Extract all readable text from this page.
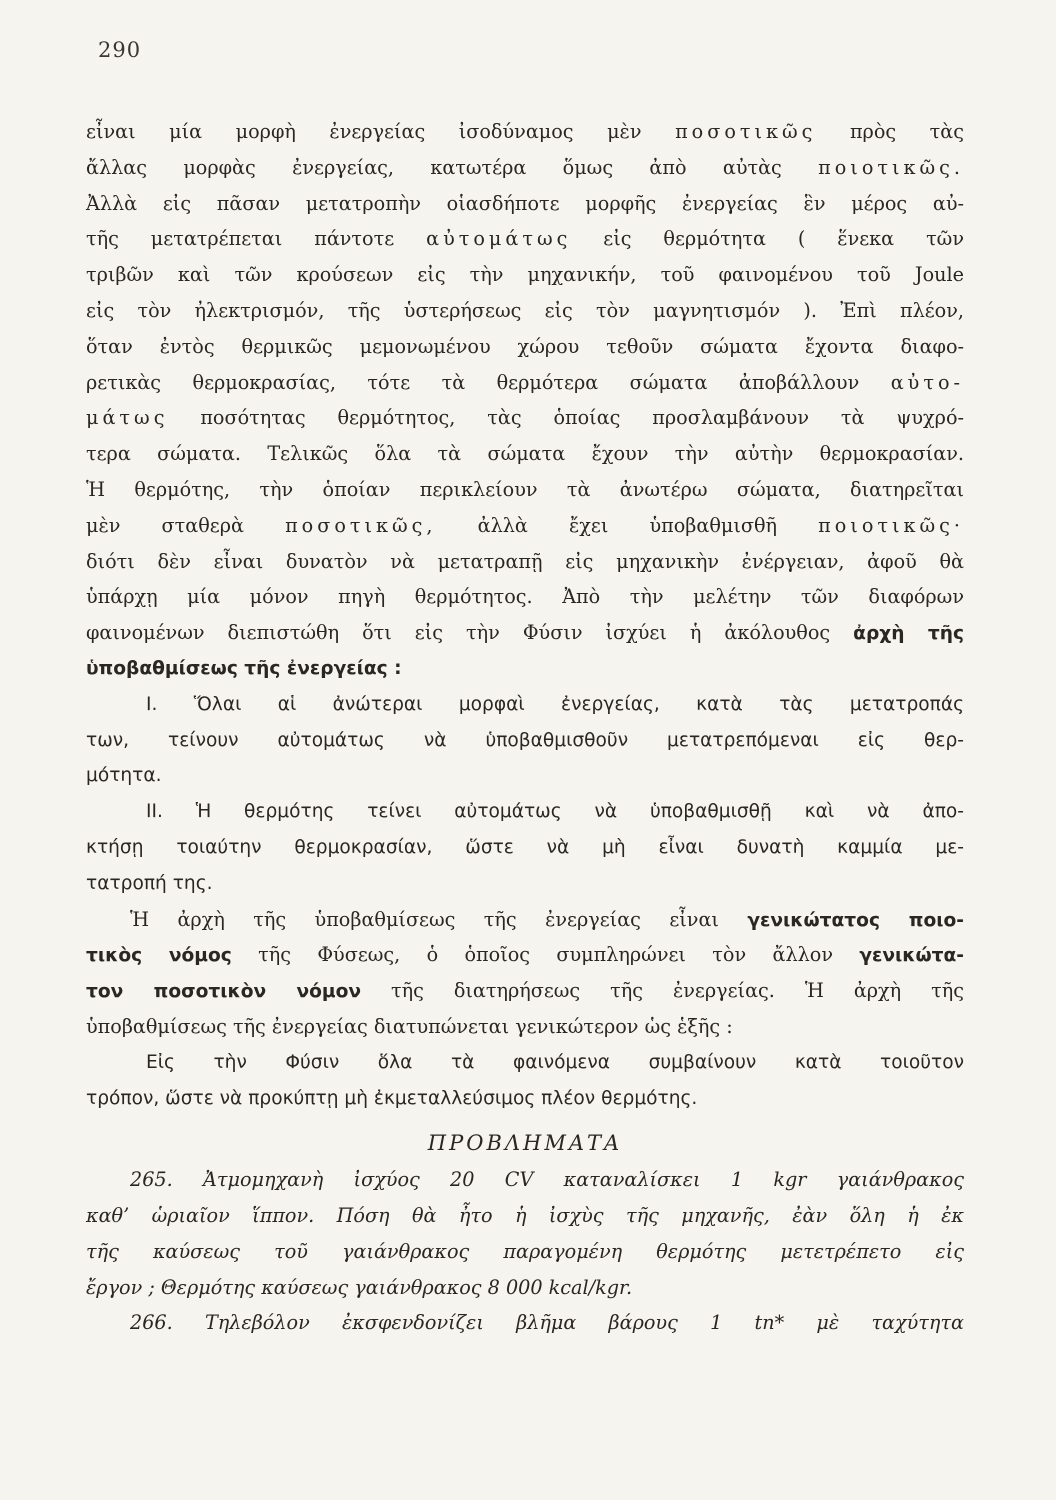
290
εἶναι μία μορφὴ ἐνεργείας ἰσοδύναμος μὲν ποσοτικῶς πρὸς τὰς
ἄλλας μορφὰς ἐνεργείας, κατωτέρα ὅμως ἀπὸ αὐτὰς ποιοτικῶς.
Ἀλλὰ εἰς πᾶσαν μετατροπὴν οἱασδήποτε μορφῆς ἐνεργείας ἓν μέρος αὐ-
τῆς μετατρέπεται πάντοτε αὐτομάτως εἰς θερμότητα ( ἕνεκα τῶν
τριβῶν καὶ τῶν κρούσεων εἰς τὴν μηχανικήν, τοῦ φαινομένου τοῦ Joule
εἰς τὸν ἠλεκτρισμόν, τῆς ὑστερήσεως εἰς τὸν μαγνητισμόν ). Ἐπὶ πλέον,
ὅταν ἐντὸς θερμικῶς μεμονωμένου χώρου τεθοῦν σώματα ἔχοντα διαφο-
ρετικὰς θερμοκρασίας, τότε τὰ θερμότερα σώματα ἀποβάλλουν αὐτο-
μάτως ποσότητας θερμότητος, τὰς ὁποίας προσλαμβάνουν τὰ ψυχρό-
τερα σώματα. Τελικῶς ὅλα τὰ σώματα ἔχουν τὴν αὐτὴν θερμοκρασίαν.
Ἡ θερμότης, τὴν ὁποίαν περικλείουν τὰ ἀνωτέρω σώματα, διατηρεῖται
μὲν σταθερὰ ποσοτικῶς, ἀλλὰ ἔχει ὑποβαθμισθῆ ποιοτικῶς·
διότι δὲν εἶναι δυνατὸν νὰ μετατραπῇ εἰς μηχανικὴν ἐνέργειαν, ἀφοῦ θὰ
ὑπάρχῃ μία μόνον πηγὴ θερμότητος. Ἀπὸ τὴν μελέτην τῶν διαφόρων
φαινομένων διεπιστώθη ὅτι εἰς τὴν Φύσιν ἰσχύει ἡ ἀκόλουθος ἀρχὴ τῆς
ὑποβαθμίσεως τῆς ἐνεργείας :
Ι. Ὅλαι αἱ ἀνώτεραι μορφαὶ ἐνεργείας, κατὰ τὰς μετατροπάς
των, τείνουν αὐτομάτως νὰ ὑποβαθμισθοῦν μετατρεπόμεναι εἰς θερ-
μότητα.
ΙΙ. Ἡ θερμότης τείνει αὐτομάτως νὰ ὑποβαθμισθῇ καὶ νὰ ἀπο-
κτήσῃ τοιαύτην θερμοκρασίαν, ὥστε νὰ μὴ εἶναι δυνατὴ καμμία με-
τατροπή της.
Ἡ ἀρχὴ τῆς ὑποβαθμίσεως τῆς ἐνεργείας εἶναι γενικώτατος ποιο-
τικὸς νόμος τῆς Φύσεως, ὁ ὁποῖος συμπληρώνει τὸν ἄλλον γενικώτα-
τον ποσοτικὸν νόμον τῆς διατηρήσεως τῆς ἐνεργείας. Ἡ ἀρχὴ τῆς
ὑποβαθμίσεως τῆς ἐνεργείας διατυπώνεται γενικώτερον ὡς ἑξῆς :
Εἰς τὴν Φύσιν ὅλα τὰ φαινόμενα συμβαίνουν κατὰ τοιοῦτον
τρόπον, ὥστε νὰ προκύπτῃ μὴ ἐκμεταλλεύσιμος πλέον θερμότης.
ΠΡΟΒΛΗΜΑΤΑ
265. Ἀτμομηχανὴ ἰσχύος 20 CV καταναλίσκει 1 kgr γαιάνθρακος
καθ’ ὡριαῖον ἵππον. Πόση θὰ ἦτο ἡ ἰσχὺς τῆς μηχανῆς, ἐὰν ὅλη ἡ ἐκ
τῆς καύσεως τοῦ γαιάνθρακος παραγομένη θερμότης μετετρέπετο εἰς
ἔργον ; Θερμότης καύσεως γαιάνθρακος 8 000 kcal/kgr.
266. Τηλεβόλον ἐκσφενδονίζει βλῆμα βάρους 1 tn* μὲ ταχύτητα
